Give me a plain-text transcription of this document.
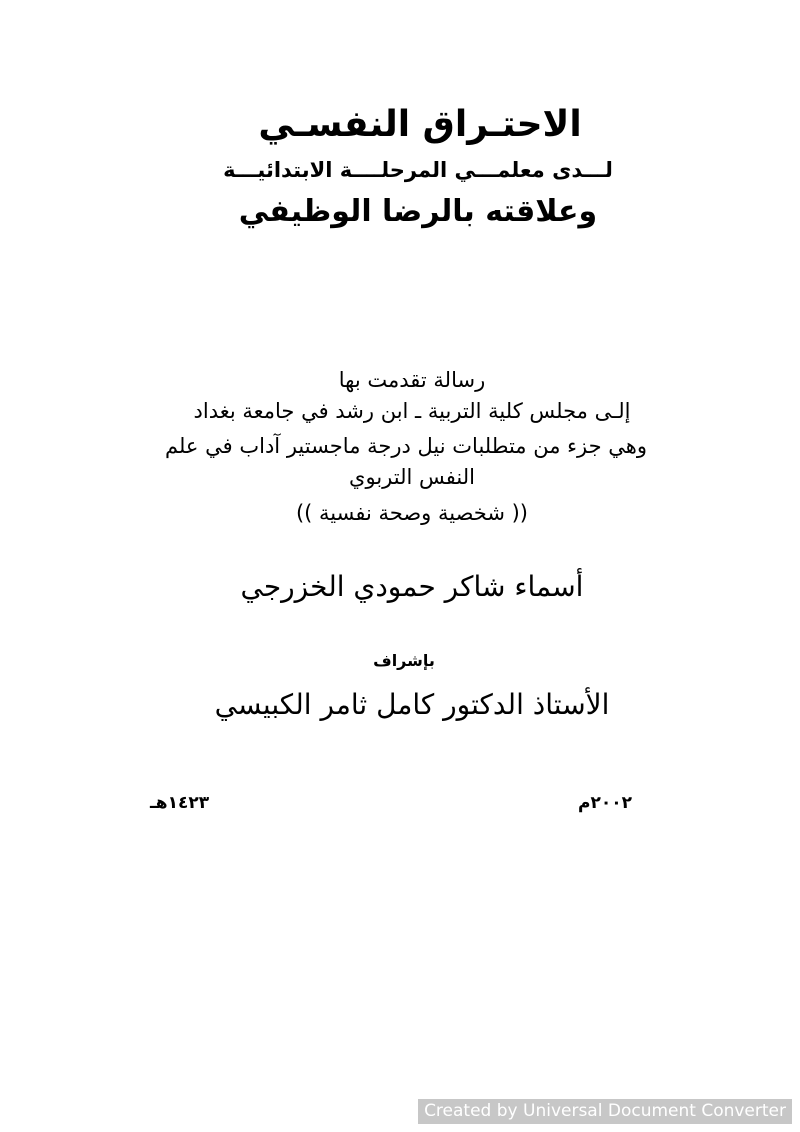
الاحتـراق النفسـي
لـــدى معلمـــي المرحلــــة الابتدائيـــة
وعلاقته بالرضا الوظيفي
رسالة تقدمت بها
إلـى مجلس كلية التربية ـ ابن رشد في جامعة بغداد
وهي جزء من متطلبات نيل درجة ماجستير آداب في علم
النفس التربوي
(( شخصية وصحة نفسية ))
أسماء شاكر حمودي الخزرجي
بإشراف
الأستاذ الدكتور كامل ثامر الكبيسي
٢٠٠٢م
١٤٢٣هـ
Created by Universal Document Converter
